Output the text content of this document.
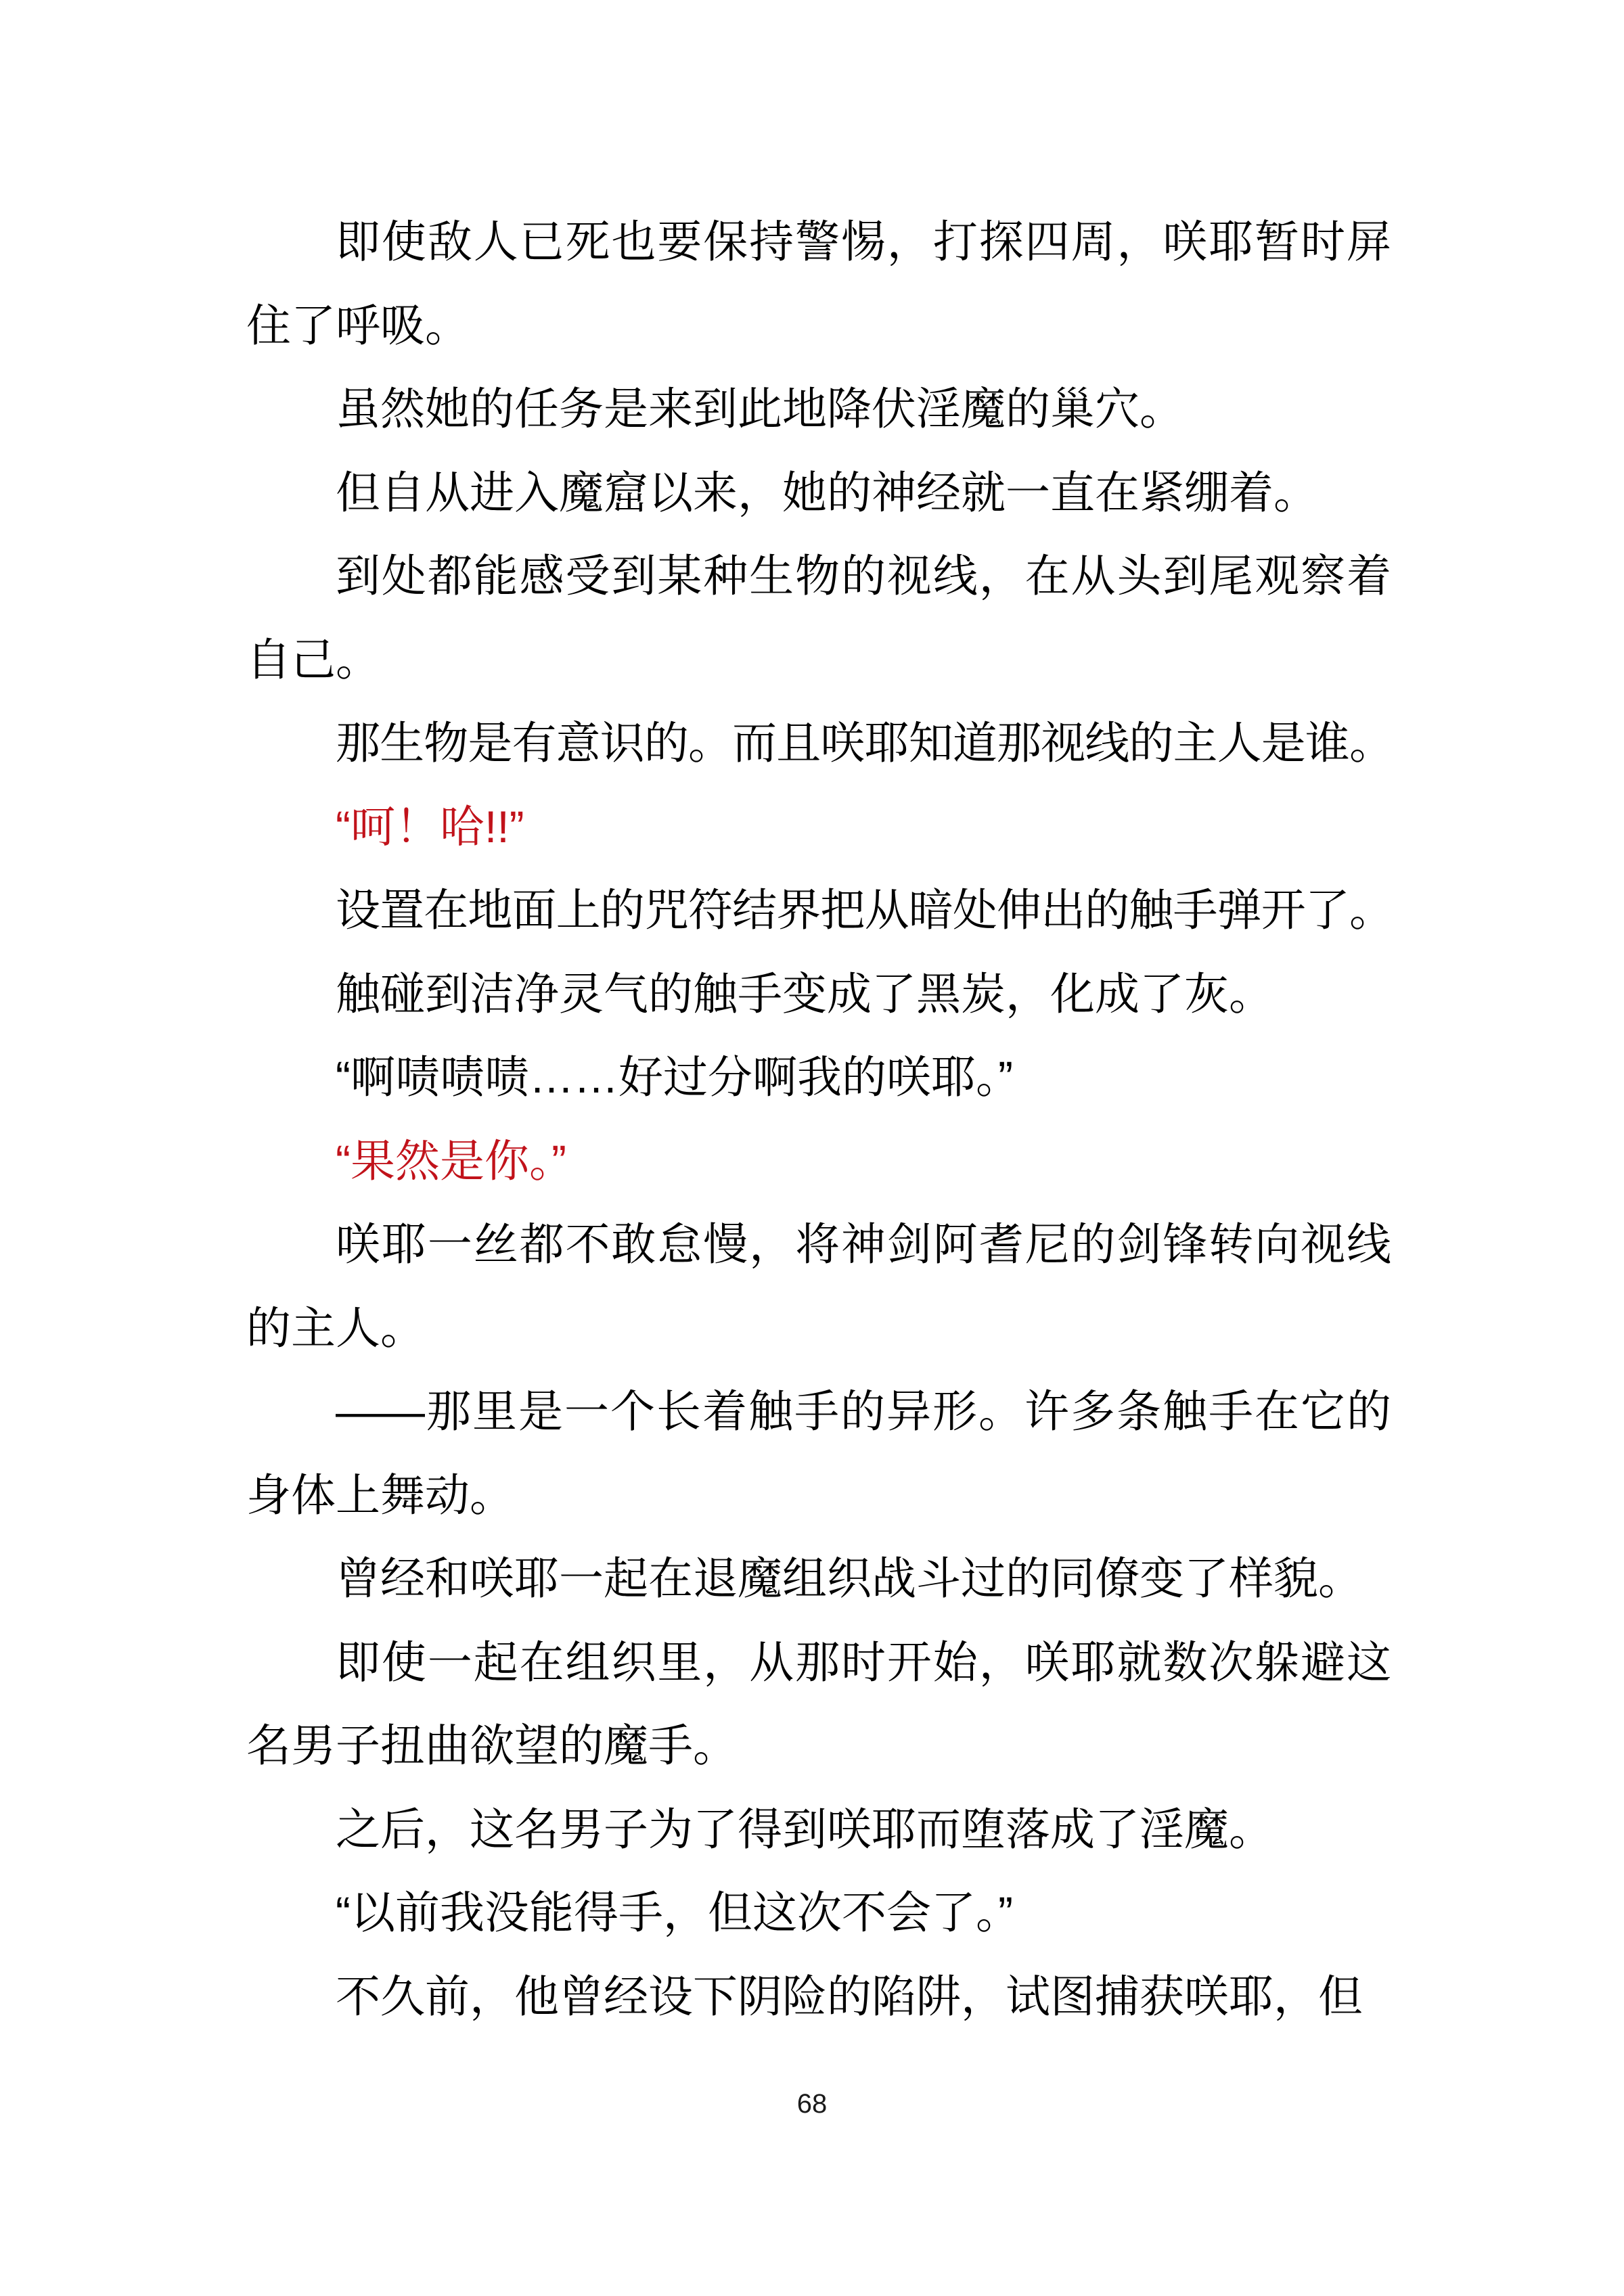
即使敌人已死也要保持警惕，打探四周，咲耶暂时屏住了呼吸。

虽然她的任务是来到此地降伏淫魔的巢穴。

但自从进入魔窟以来，她的神经就一直在紧绷着。

到处都能感受到某种生物的视线，在从头到尾观察着自己。

那生物是有意识的。而且咲耶知道那视线的主人是谁。

“呵！哈!!”

设置在地面上的咒符结界把从暗处伸出的触手弹开了。

触碰到洁净灵气的触手变成了黑炭，化成了灰。

“啊啧啧啧……好过分啊我的咲耶。”

“果然是你。”

咲耶一丝都不敢怠慢，将神剑阿耆尼的剑锋转向视线的主人。

——那里是一个长着触手的异形。许多条触手在它的身体上舞动。

曾经和咲耶一起在退魔组织战斗过的同僚变了样貌。

即使一起在组织里，从那时开始，咲耶就数次躲避这名男子扭曲欲望的魔手。

之后，这名男子为了得到咲耶而堕落成了淫魔。

“以前我没能得手，但这次不会了。”

不久前，他曾经设下阴险的陷阱，试图捕获咲耶，但

68
